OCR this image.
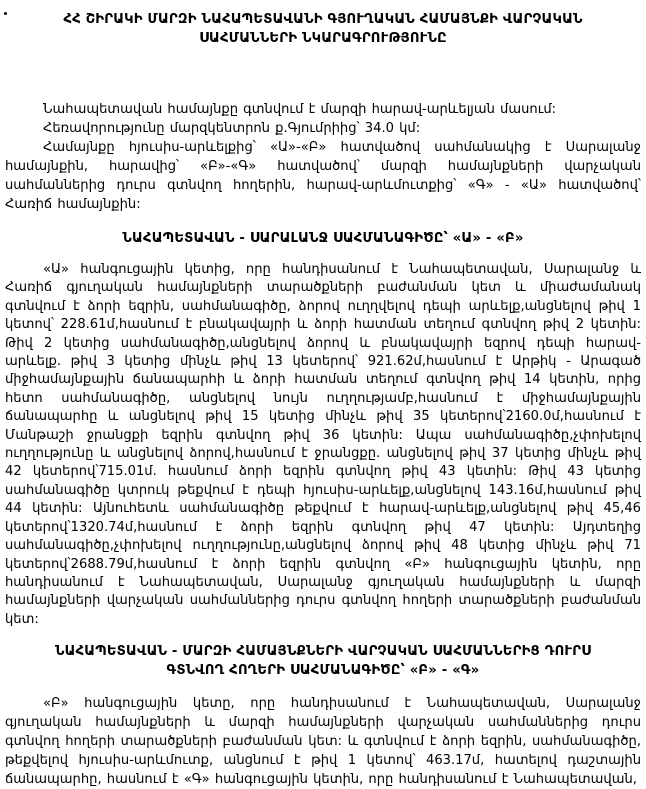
ՀՀ ՇԻՐԱԿԻ ՄԱՐԶԻ ՆԱՀԱՊԵՏԱՎԱՆԻ ԳՅՈՒՂԱԿԱՆ ՀԱՄԱՅՆՔԻ ՎԱՐՉԱԿԱՆ ՍԱՀՄԱՆՆԵՐԻ ՆԿԱՐԱԳՐՈՒԹՅՈՒՆԸ

Նահապետավան համայնքը գտնվում է մարզի հարավ-արևելյան մասում:

Հեռավորությունը մարզկենտրոն ք.Գյումրիից՝ 34.0 կմ:

Համայնքը հյուսիս-արևելքից՝ «Ա»-«Բ» հատվածով սահմանակից է Սարալանջ համայնքին, հարավից՝ «Բ»-«Գ» հատվածով՝ մարզի համայնքների վարչական սահմաններից դուրս գտնվող հողերին, հարավ-արևմուտքից՝ «Գ» - «Ա» հատվածով՝ Հառիճ համայնքին:

ՆԱՀԱՊԵՏԱՎԱՆ - ՍԱՐԱԼԱՆՋ ՍԱՀՄԱՆԱԳԻԾԸ՝ «Ա» - «Բ»

«Ա» հանգուցային կետից, որը հանդիսանում է Նահապետավան, Սարալանջ և Հառիճ գյուղական համայնքների տարածքների բաժանման կետ և միաժամանակ գտնվում է ձորի եզրին, սահմանագիծը, ձորով ուղղվելով դեպի արևելք,անցնելով թիվ 1 կետով՝ 228.61մ,հասնում է բնակավայրի և ձորի հատման տեղում գտնվող թիվ 2 կետին: Թիվ 2 կետից սահմանագիծը,անցնելով ձորով և բնակավայրի եզրով դեպի հարավ-արևելք. թիվ 3 կետից մինչև թիվ 13 կետերով՝ 921.62մ,հասնում է Արթիկ - Արագած միջհամայնքային ճանապարհի և ձորի հատման տեղում գտնվող թիվ 14 կետին, որից հետո սահմանագիծը, անցնելով նույն ուղղությամբ,հասնում է միջհամայնքային ճանապարհը և անցնելով թիվ 15 կետից մինչև թիվ 35 կետերով՝2160.0մ,հասնում է Մանթաշի ջրանցքի եզրին գտնվող թիվ 36 կետին: Ապա սահմանագիծը,չփոխելով ուղղությունը և անցնելով ձորով,հասնում է ջրանցքը. անցնելով թիվ 37 կետից մինչև թիվ 42 կետերով՝715.01մ. հասնում ձորի եզրին գտնվող թիվ 43 կետին: Թիվ 43 կետից սահմանագիծը կտրուկ թեքվում է դեպի հյուսիս-արևելք,անցնելով 143.16մ,հասնում թիվ 44 կետին: Այնուհետև սահմանագիծը թեքվում է հարավ-արևելք,անցնելով թիվ 45,46 կետերով՝1320.74մ,հասնում է ձորի եզրին գտնվող թիվ 47 կետին: Այդտեղից սահմանագիծը,չփոխելով ուղղությունը,անցնելով ձորով թիվ 48 կետից մինչև թիվ 71 կետերով՝2688.79մ,հասնում է ձորի եզրին գտնվող «Բ» հանգուցային կետին, որը հանդիսանում է Նահապետավան, Սարալանջ գյուղական համայնքների և մարզի համայնքների վարչական սահմաններից դուրս գտնվող հողերի տարածքների բաժանման կետ:

ՆԱՀԱՊԵՏԱՎԱՆ - ՄԱՐԶԻ ՀԱՄԱՅՆՔՆԵՐԻ ՎԱՐՉԱԿԱՆ ՍԱՀՄԱՆՆԵՐԻՑ ԴՈՒՐՍ ԳՏՆՎՈՂ ՀՈՂԵՐԻ ՍԱՀՄԱՆԱԳԻԾԸ՝ «Բ» - «Գ»

«Բ» հանգուցային կետը, որը հանդիսանում է Նահապետավան, Սարալանջ գյուղական համայնքների և մարզի համայնքների վարչական սահմաններից դուրս գտնվող հողերի տարածքների բաժանման կետ: և գտնվում է ձորի եզրին, սահմանագիծը, թեքվելով հյուսիս-արևմուտք, անցնում է թիվ 1 կետով՝ 463.17մ, հատելով դաշտային ճանապարհը, հասնում է «Գ» հանգուցային կետին, որը հանդիսանում է Նահապետավան,
